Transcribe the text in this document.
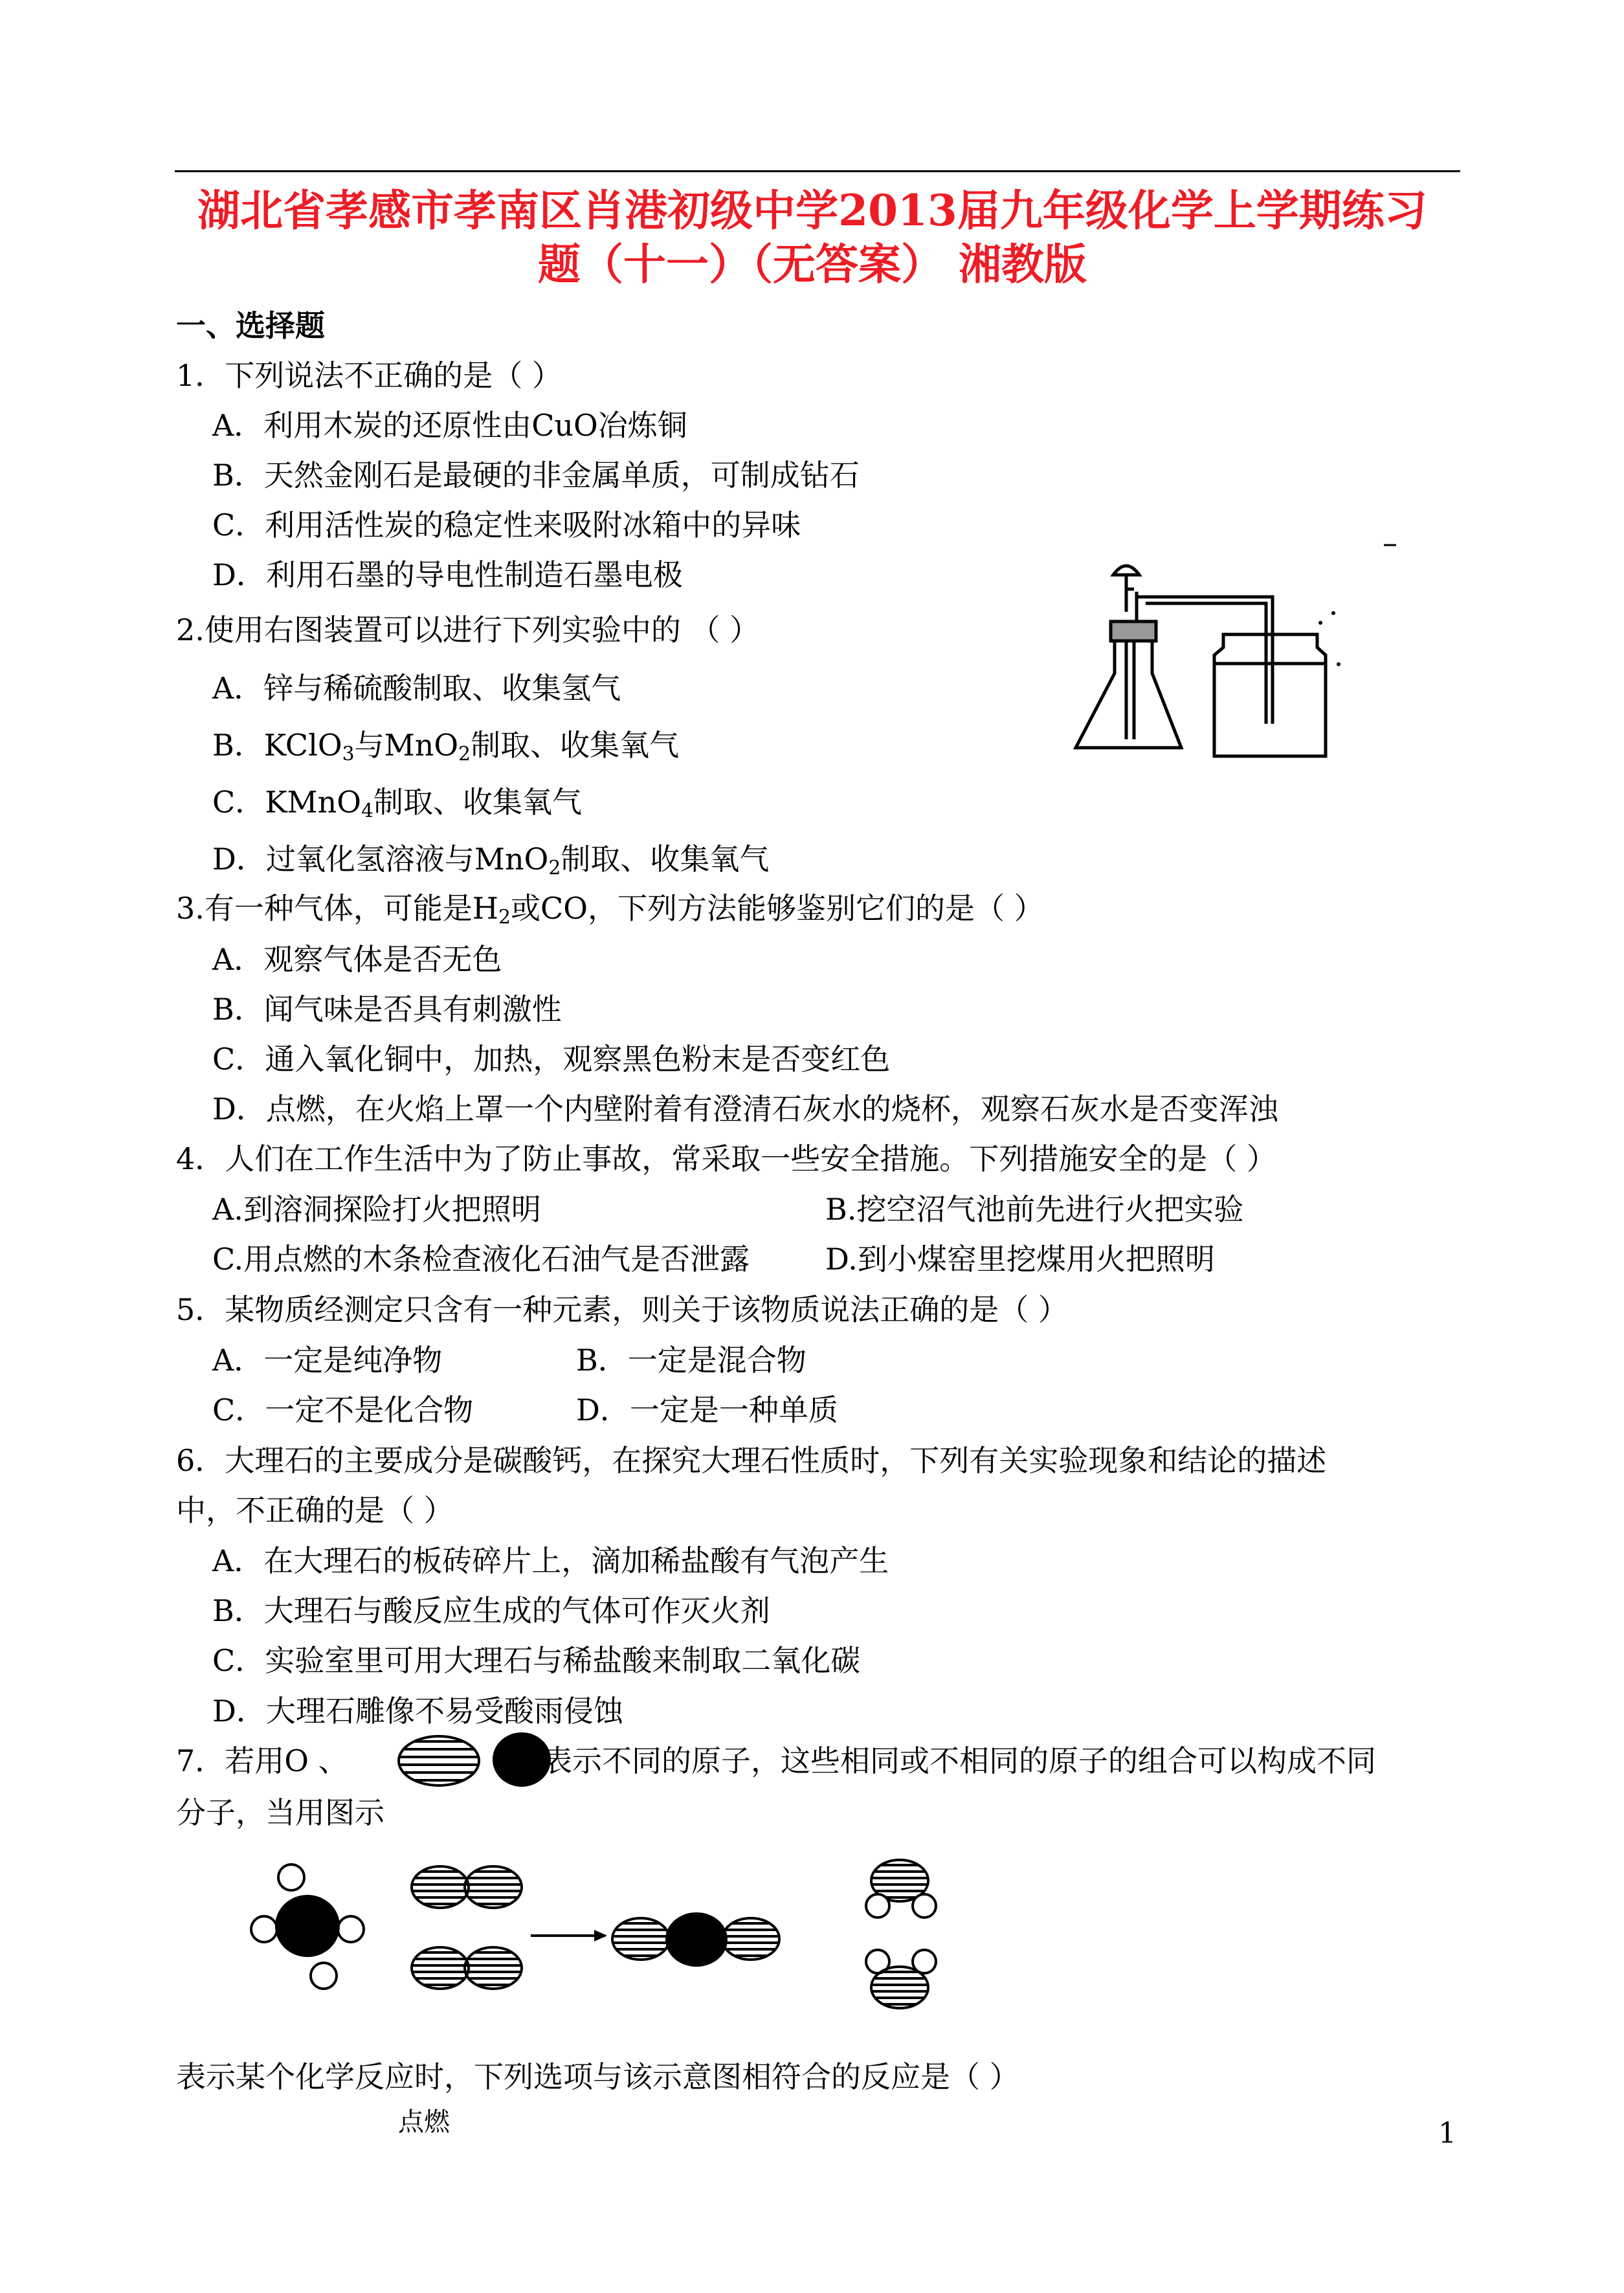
湖北省孝感市孝南区肖港初级中学2013届九年级化学上学期练习
题（十一）（无答案） 湘教版
一、选择题
1．下列说法不正确的是（ ）
A．利用木炭的还原性由CuO冶炼铜
B．天然金刚石是最硬的非金属单质，可制成钻石
C．利用活性炭的稳定性来吸附冰箱中的异味
D．利用石墨的导电性制造石墨电极
–
2.使用右图装置可以进行下列实验中的 （ ）
A．锌与稀硫酸制取、收集氢气
B．KClO$_3$与MnO$_2$制取、收集氧气
C．KMnO$_4$制取、收集氧气
D．过氧化氢溶液与MnO$_2$制取、收集氧气
3.有一种气体，可能是$H_2$或CO，下列方法能够鉴别它们的是（ ）
A．观察气体是否无色
B．闻气味是否具有刺激性
C．通入氧化铜中，加热，观察黑色粉末是否变红色
D．点燃，在火焰上罩一个内壁附着有澄清石灰水的烧杯，观察石灰水是否变浑浊
4．人们在工作生活中为了防止事故，常采取一些安全措施。下列措施安全的是（ ）
A.到溶洞探险打火把照明	B.挖空沼气池前先进行火把实验
C.用点燃的木条检查液化石油气是否泄露	D.到小煤窑里挖煤用火把照明
5．某物质经测定只含有一种元素，则关于该物质说法正确的是（ ）
A．一定是纯净物	B．一定是混合物
C．一定不是化合物	D．一定是一种单质
6．大理石的主要成分是碳酸钙，在探究大理石性质时，下列有关实验现象和结论的描述
中，不正确的是（ ）
A．在大理石的板砖碎片上，滴加稀盐酸有气泡产生
B．大理石与酸反应生成的气体可作灭火剂
C．实验室里可用大理石与稀盐酸来制取二氧化碳
D．大理石雕像不易受酸雨侵蚀
7．若用O 、	表示不同的原子，这些相同或不相同的原子的组合可以构成不同
分子，当用图示
表示某个化学反应时，下列选项与该示意图相符合的反应是（ ）
点燃	1
